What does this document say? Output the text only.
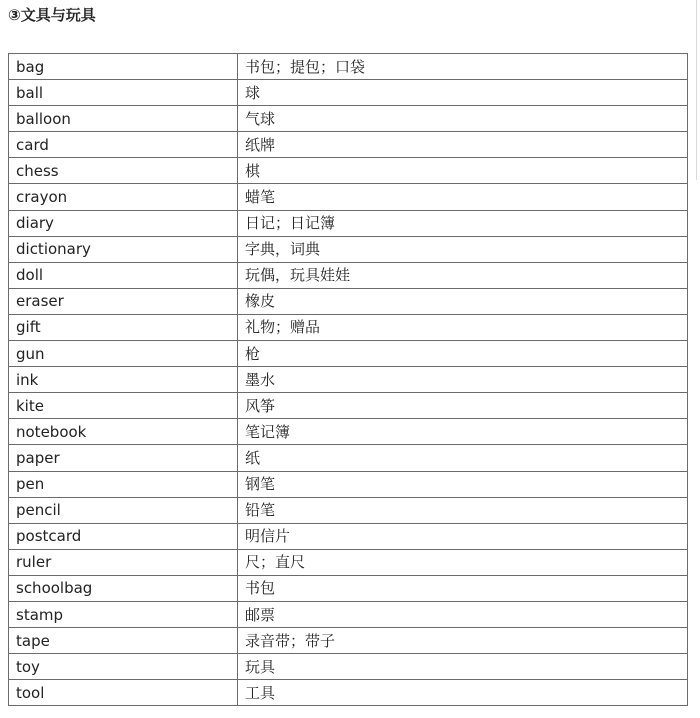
③文具与玩具
bag	书包；提包；口袋
ball	球
balloon	气球
card	纸牌
chess	棋
crayon	蜡笔
diary	日记；日记簿
dictionary	字典，词典
doll	玩偶，玩具娃娃
eraser	橡皮
gift	礼物；赠品
gun	枪
ink	墨水
kite	风筝
notebook	笔记簿
paper	纸
pen	钢笔
pencil	铅笔
postcard	明信片
ruler	尺；直尺
schoolbag	书包
stamp	邮票
tape	录音带；带子
toy	玩具
tool	工具
